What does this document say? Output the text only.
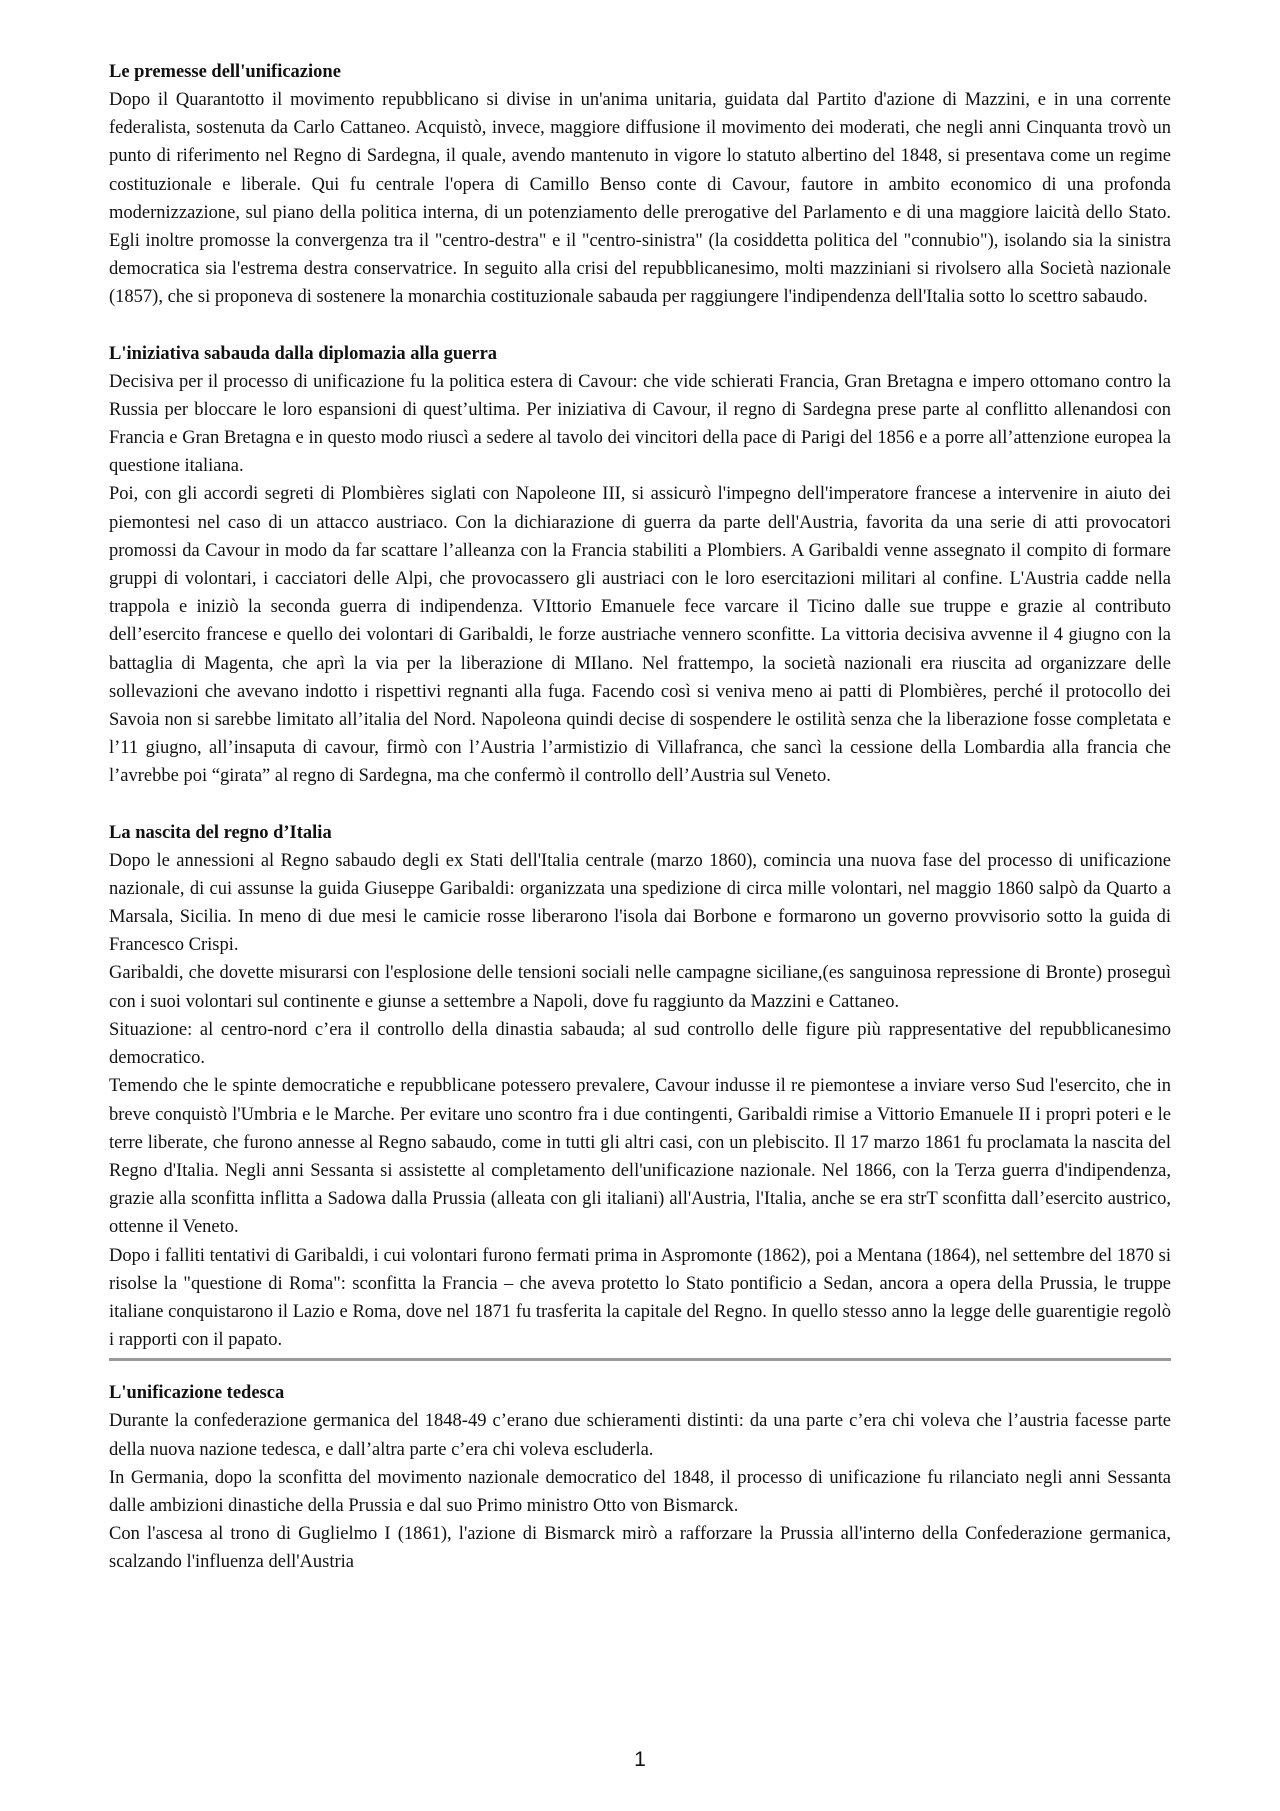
Le premesse dell'unificazione

Dopo il Quarantotto il movimento repubblicano si divise in un'anima unitaria, guidata dal Partito d'azione di Mazzini, e in una corrente federalista, sostenuta da Carlo Cattaneo. Acquistò, invece, maggiore diffusione il movimento dei moderati, che negli anni Cinquanta trovò un punto di riferimento nel Regno di Sardegna, il quale, avendo mantenuto in vigore lo statuto albertino del 1848, si presentava come un regime costituzionale e liberale. Qui fu centrale l'opera di Camillo Benso conte di Cavour, fautore in ambito economico di una profonda modernizzazione, sul piano della politica interna, di un potenziamento delle prerogative del Parlamento e di una maggiore laicità dello Stato. Egli inoltre promosse la convergenza tra il "centro-destra" e il "centro-sinistra" (la cosiddetta politica del "connubio"), isolando sia la sinistra democratica sia l'estrema destra conservatrice. In seguito alla crisi del repubblicanesimo, molti mazziniani si rivolsero alla Società nazionale (1857), che si proponeva di sostenere la monarchia costituzionale sabauda per raggiungere l'indipendenza dell'Italia sotto lo scettro sabaudo.

L'iniziativa sabauda dalla diplomazia alla guerra

Decisiva per il processo di unificazione fu la politica estera di Cavour: che vide schierati Francia, Gran Bretagna e impero ottomano contro la Russia per bloccare le loro espansioni di quest’ultima. Per iniziativa di Cavour, il regno di Sardegna prese parte al conflitto allenandosi con Francia e Gran Bretagna e in questo modo riuscì a sedere al tavolo dei vincitori della pace di Parigi del 1856 e a porre all’attenzione europea la questione italiana.

Poi, con gli accordi segreti di Plombières siglati con Napoleone III, si assicurò l'impegno dell'imperatore francese a intervenire in aiuto dei piemontesi nel caso di un attacco austriaco. Con la dichiarazione di guerra da parte dell'Austria, favorita da una serie di atti provocatori promossi da Cavour in modo da far scattare l’alleanza con la Francia stabiliti a Plombiers. A Garibaldi venne assegnato il compito di formare gruppi di volontari, i cacciatori delle Alpi, che provocassero gli austriaci con le loro esercitazioni militari al confine. L'Austria cadde nella trappola e iniziò la seconda guerra di indipendenza. VIttorio Emanuele fece varcare il Ticino dalle sue truppe e grazie al contributo dell’esercito francese e quello dei volontari di Garibaldi, le forze austriache vennero sconfitte. La vittoria decisiva avvenne il 4 giugno con la battaglia di Magenta, che aprì la via per la liberazione di MIlano. Nel frattempo, la società nazionali era riuscita ad organizzare delle sollevazioni che avevano indotto i rispettivi regnanti alla fuga. Facendo così si veniva meno ai patti di Plombières, perché il protocollo dei Savoia non si sarebbe limitato all’italia del Nord. Napoleona quindi decise di sospendere le ostilità senza che la liberazione fosse completata e l’11 giugno, all’insaputa di cavour, firmò con l’Austria l’armistizio di Villafranca, che sancì la cessione della Lombardia alla francia che l’avrebbe poi “girata” al regno di Sardegna, ma che confermò il controllo dell’Austria sul Veneto.

La nascita del regno d’Italia

Dopo le annessioni al Regno sabaudo degli ex Stati dell'Italia centrale (marzo 1860), comincia una nuova fase del processo di unificazione nazionale, di cui assunse la guida Giuseppe Garibaldi: organizzata una spedizione di circa mille volontari, nel maggio 1860 salpò da Quarto a Marsala, Sicilia. In meno di due mesi le camicie rosse liberarono l'isola dai Borbone e formarono un governo provvisorio sotto la guida di Francesco Crispi.

Garibaldi, che dovette misurarsi con l'esplosione delle tensioni sociali nelle campagne siciliane,(es sanguinosa repressione di Bronte) proseguì con i suoi volontari sul continente e giunse a settembre a Napoli, dove fu raggiunto da Mazzini e Cattaneo.

Situazione: al centro-nord c’era il controllo della dinastia sabauda; al sud controllo delle figure più rappresentative del repubblicanesimo democratico.

Temendo che le spinte democratiche e repubblicane potessero prevalere, Cavour indusse il re piemontese a inviare verso Sud l'esercito, che in breve conquistò l'Umbria e le Marche. Per evitare uno scontro fra i due contingenti, Garibaldi rimise a Vittorio Emanuele II i propri poteri e le terre liberate, che furono annesse al Regno sabaudo, come in tutti gli altri casi, con un plebiscito. Il 17 marzo 1861 fu proclamata la nascita del Regno d'Italia. Negli anni Sessanta si assistette al completamento dell'unificazione nazionale. Nel 1866, con la Terza guerra d'indipendenza, grazie alla sconfitta inflitta a Sadowa dalla Prussia (alleata con gli italiani) all'Austria, l'Italia, anche se era strT sconfitta dall’esercito austrico, ottenne il Veneto.

Dopo i falliti tentativi di Garibaldi, i cui volontari furono fermati prima in Aspromonte (1862), poi a Mentana (1864), nel settembre del 1870 si risolse la "questione di Roma": sconfitta la Francia – che aveva protetto lo Stato pontificio a Sedan, ancora a opera della Prussia, le truppe italiane conquistarono il Lazio e Roma, dove nel 1871 fu trasferita la capitale del Regno. In quello stesso anno la legge delle guarentigie regolò i rapporti con il papato.

L'unificazione tedesca

Durante la confederazione germanica del 1848-49 c’erano due schieramenti distinti: da una parte c’era chi voleva che l’austria facesse parte della nuova nazione tedesca, e dall’altra parte c’era chi voleva escluderla.

In Germania, dopo la sconfitta del movimento nazionale democratico del 1848, il processo di unificazione fu rilanciato negli anni Sessanta dalle ambizioni dinastiche della Prussia e dal suo Primo ministro Otto von Bismarck.

Con l'ascesa al trono di Guglielmo I (1861), l'azione di Bismarck mirò a rafforzare la Prussia all'interno della Confederazione germanica, scalzando l'influenza dell'Austria

1
